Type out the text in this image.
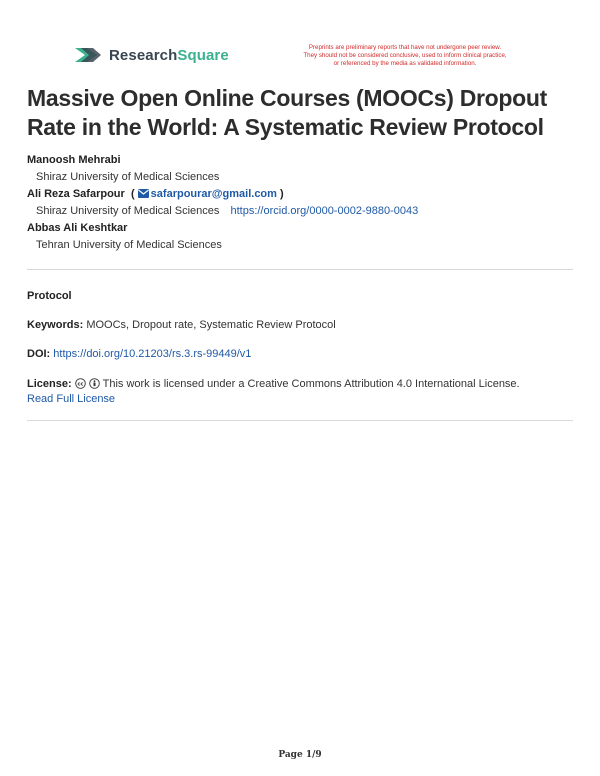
ResearchSquare	Preprints are preliminary reports that have not undergone peer review.
They should not be considered conclusive, used to inform clinical practice,
or referenced by the media as validated information.
Massive Open Online Courses (MOOCs) Dropout Rate in the World: A Systematic Review Protocol
Manoosh Mehrabi
Shiraz University of Medical Sciences
Ali Reza Safarpour ( safarpourar@gmail.com )
Shiraz University of Medical Sciences https://orcid.org/0000-0002-9880-0043
Abbas Ali Keshtkar
Tehran University of Medical Sciences
Protocol
Keywords: MOOCs, Dropout rate, Systematic Review Protocol
DOI: https://doi.org/10.21203/rs.3.rs-99449/v1
License: cc This work is licensed under a Creative Commons Attribution 4.0 International License.
Read Full License
Page 1/9
